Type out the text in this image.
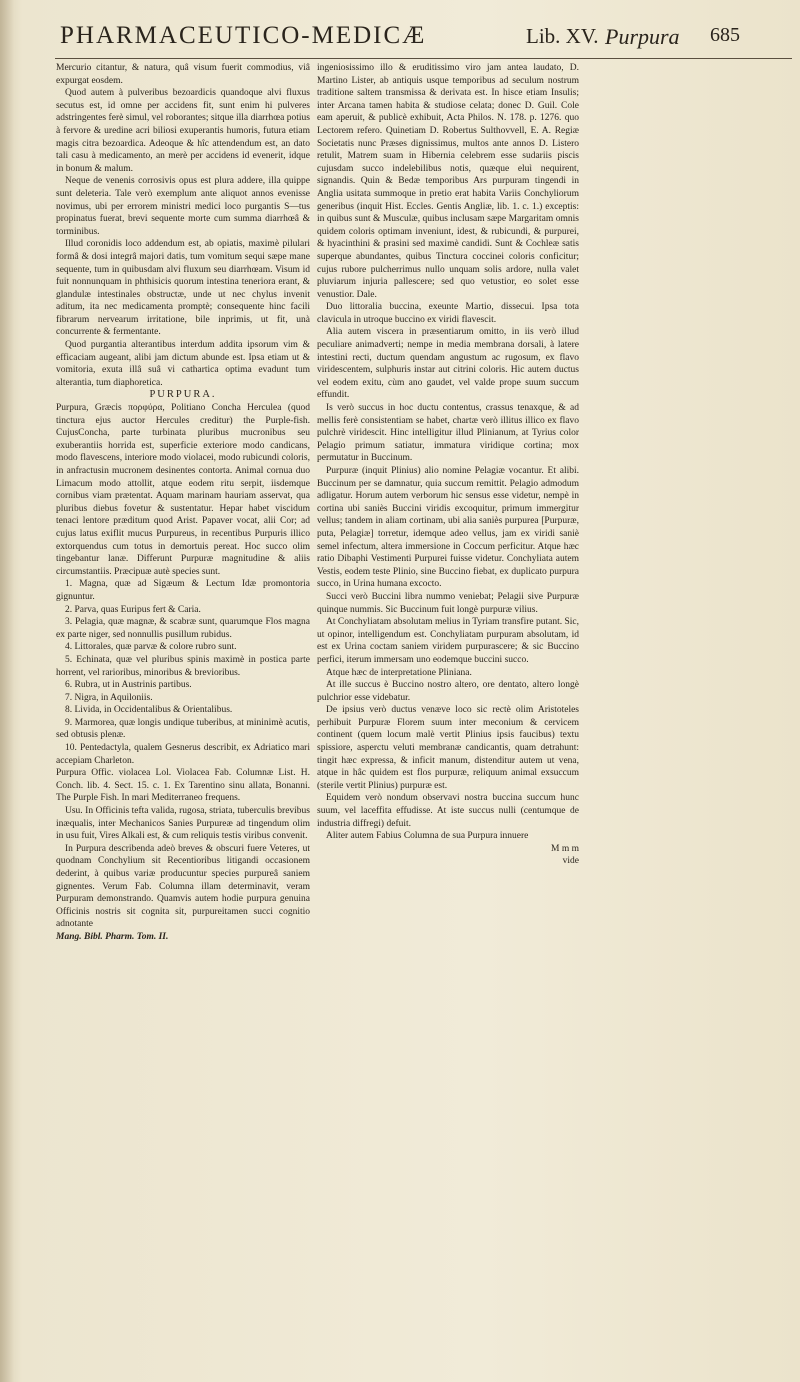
PHARMACEUTICO-MEDICÆ	Lib. XV. Purpura 685

Mercurio citantur, & natura, quâ visum fuerit commodius, viâ expurgat eosdem.

Quod autem à pulveribus bezoardicis quandoque alvi fluxus secutus est, id omne per accidens fit, sunt enim hi pulveres adstringentes ferè simul, vel roborantes; sitque illa diarrhœa potius à fervore & uredine acri biliosi exuperantis humoris, futura etiam magis citra bezoardica. Adeoque & hîc attendendum est, an dato tali casu à medicamento, an merè per accidens id evenerit, idque in bonum & malum.

Neque de venenis corrosivis opus est plura addere, illa quippe sunt deleteria. Tale verò exemplum ante aliquot annos evenisse novimus, ubi per errorem ministri medici loco purgantis S—tus propinatus fuerat, brevi sequente morte cum summa diarrhœâ & torminibus.

Illud coronidis loco addendum est, ab opiatis, maximè pilulari formâ & dosi integrâ majori datis, tum vomitum sequi sæpe mane sequente, tum in quibusdam alvi fluxum seu diarrhœam. Visum id fuit nonnunquam in phthisicis quorum intestina teneriora erant, & glandulæ intestinales obstructæ, unde ut nec chylus invenit aditum, ita nec medicamenta promptè; consequente hinc facili fibrarum nervearum irritatione, bile inprimis, ut fit, unà concurrente & fermentante.

Quod purgantia alterantibus interdum addita ipsorum vim & efficaciam augeant, alibi jam dictum abunde est. Ipsa etiam ut & vomitoria, exuta illâ suâ vi cathartica optima evadunt tum alterantia, tum diaphoretica.

PURPURA.

Purpura, Græcis πορφύρα, Politiano Concha Herculea (quod tinctura ejus auctor Hercules creditur) the Purple-fish. CujusConcha, parte turbinata pluribus mucronibus seu exuberantiis horrida est, superficie exteriore modo candicans, modo flavescens, interiore modo violacei, modo rubicundi coloris, in anfractusin mucronem desinentes contorta. Animal cornua duo Limacum modo attollit, atque eodem ritu serpit, iisdemque cornibus viam prætentat. Aquam marinam hauriam asservat, qua pluribus diebus fovetur & sustentatur. Hepar habet viscidum tenaci lentore præditum quod Arist. Papaver vocat, alii Cor; ad cujus latus exiflit mucus Purpureus, in recentibus Purpuris illico extorquendus cum totus in demortuis pereat. Hoc succo olim tingebantur lanæ. Differunt Purpuræ magnitudine & aliis circumstantiis. Præcipuæ autè species sunt.

1. Magna, quæ ad Sigæum & Lectum Idæ promontoria gignuntur.

2. Parva, quas Euripus fert & Caria.

3. Pelagia, quæ magnæ, & scabræ sunt, quarumque Flos magna ex parte niger, sed nonnullis pusillum rubidus.

4. Littorales, quæ parvæ & colore rubro sunt.

5. Echinata, quæ vel pluribus spinis maximè in postica parte horrent, vel rarioribus, minoribus & brevioribus.

6. Rubra, ut in Austrinis partibus.

7. Nigra, in Aquiloniis.

8. Livida, in Occidentalibus & Orientalibus.

9. Marmorea, quæ longis undique tuberibus, at mininimè acutis, sed obtusis plenæ.

10. Pentedactyla, qualem Gesnerus describit, ex Adriatico mari accepiam Charleton.

Purpura Offic. violacea Lol. Violacea Fab. Columnæ List. H. Conch. lib. 4. Sect. 15. c. 1. Ex Tarentino sinu allata, Bonanni. The Purple Fish. In mari Mediterraneo frequens.

Usu. In Officinis tefta valida, rugosa, striata, tuberculis brevibus inæqualis, inter Mechanicos Sanies Purpureæ ad tingendum olim in usu fuit, Vires Alkali est, & cum reliquis testis viribus convenit.

In Purpura describenda adeò breves & obscuri fuere Veteres, ut quodnam Conchylium sit Recentioribus litigandi occasionem dederint, à quibus variæ producuntur species purpureâ saniem gignentes. Verum Fab. Columna illam determinavit, veram Purpuram demonstrando. Quamvis autem hodie purpura genuina Officinis nostris sit cognita sit, purpureitamen succi cognitio adnotante

Mang. Bibl. Pharm. Tom. II.

ingeniosissimo illo & eruditissimo viro jam antea laudato, D. Martino Lister, ab antiquis usque temporibus ad seculum nostrum traditione saltem transmissa & derivata est. In hisce etiam Insulis; inter Arcana tamen habita & studiose celata; donec D. Guil. Cole eam aperuit, & publicè exhibuit, Acta Philos. N. 178. p. 1276. quo Lectorem refero. Quinetiam D. Robertus Sulthovvell, E. A. Regiæ Societatis nunc Præses dignissimus, multos ante annos D. Listero retulit, Matrem suam in Hibernia celebrem esse sudariis piscis cujusdam succo indelebilibus notis, quæque eluì nequirent, signandis. Quin & Bedæ temporibus Ars purpuram tingendi in Anglia usitata summoque in pretio erat habita Variis Conchyliorum generibus (inquit Hist. Eccles. Gentis Angliæ, lib. 1. c. 1.) exceptis: in quibus sunt & Musculæ, quibus inclusam sæpe Margaritam omnis quidem coloris optimam inveniunt, idest, & rubicundi, & purpurei, & hyacinthini & prasini sed maximè candidi. Sunt & Cochleæ satis superque abundantes, quibus Tinctura coccinei coloris conficitur; cujus rubore pulcherrimus nullo unquam solis ardore, nulla valet pluviarum injuria pallescere; sed quo vetustior, eo solet esse venustior. Dale.

Duo littoralia buccina, exeunte Martio, dissecui. Ipsa tota clavicula in utroque buccino ex viridi flavescit.

Alia autem viscera in præsentiarum omitto, in iis verò illud peculiare animadverti; nempe in media membrana dorsali, à latere intestini recti, ductum quendam angustum ac rugosum, ex flavo viridescentem, sulphuris instar aut citrini coloris. Hic autem ductus vel eodem exitu, cùm ano gaudet, vel valde prope suum succum effundit.

Is verò succus in hoc ductu contentus, crassus tenaxque, & ad mellis ferè consistentiam se habet, chartæ verò illitus illico ex flavo pulchrè viridescit. Hinc intelligitur illud Plinianum, at Tyrius color Pelagio primum satiatur, immatura viridique cortina; mox permutatur in Buccinum.

Purpuræ (inquit Plinius) alio nomine Pelagiæ vocantur. Et alibi. Buccinum per se damnatur, quia succum remittit. Pelagio admodum adligatur. Horum autem verborum hic sensus esse videtur, nempè in cortina ubi saniès Buccini viridis excoquitur, primum immergitur vellus; tandem in aliam cortinam, ubi alia saniès purpurea [Purpuræ, puta, Pelagiæ] torretur, idemque adeo vellus, jam ex viridi saniè semel infectum, altera immersione in Coccum perficitur. Atque hæc ratio Dibaphi Vestimenti Purpurei fuisse videtur. Conchyliata autem Vestis, eodem teste Plinio, sine Buccino fiebat, ex duplicato purpura succo, in Urina humana excocto.

Succi verò Buccini libra nummo veniebat; Pelagii sive Purpuræ quinque nummis. Sic Buccinum fuit longè purpuræ vilius.

At Conchyliatam absolutam melius in Tyriam transfire putant. Sic, ut opinor, intelligendum est. Conchyliatam purpuram absolutam, id est ex Urina coctam saniem viridem purpurascere; & sic Buccino perfici, iterum immersam uno eodemque buccini succo.

Atque hæc de interpretatione Pliniana.

At ille succus è Buccino nostro altero, ore dentato, altero longè pulchrior esse videbatur.

De ipsius verò ductus venæve loco sic rectè olim Aristoteles perhibuit Purpuræ Florem suum inter meconium & cervicem continent (quem locum malè vertit Plinius ipsis faucibus) textu spissiore, asperctu veluti membranæ candicantis, quam detrahunt: tingit hæc expressa, & inficit manum, distenditur autem ut vena, atque in hâc quidem est flos purpuræ, reliquum animal exsuccum (sterile vertit Plinius) purpuræ est.

Equidem verò nondum observavi nostra buccina succum hunc suum, vel laceffita effudisse. At iste succus nulli (centumque de industria diffregi) defuit.

Aliter autem Fabius Columna de sua Purpura innuere

M m m

vide
